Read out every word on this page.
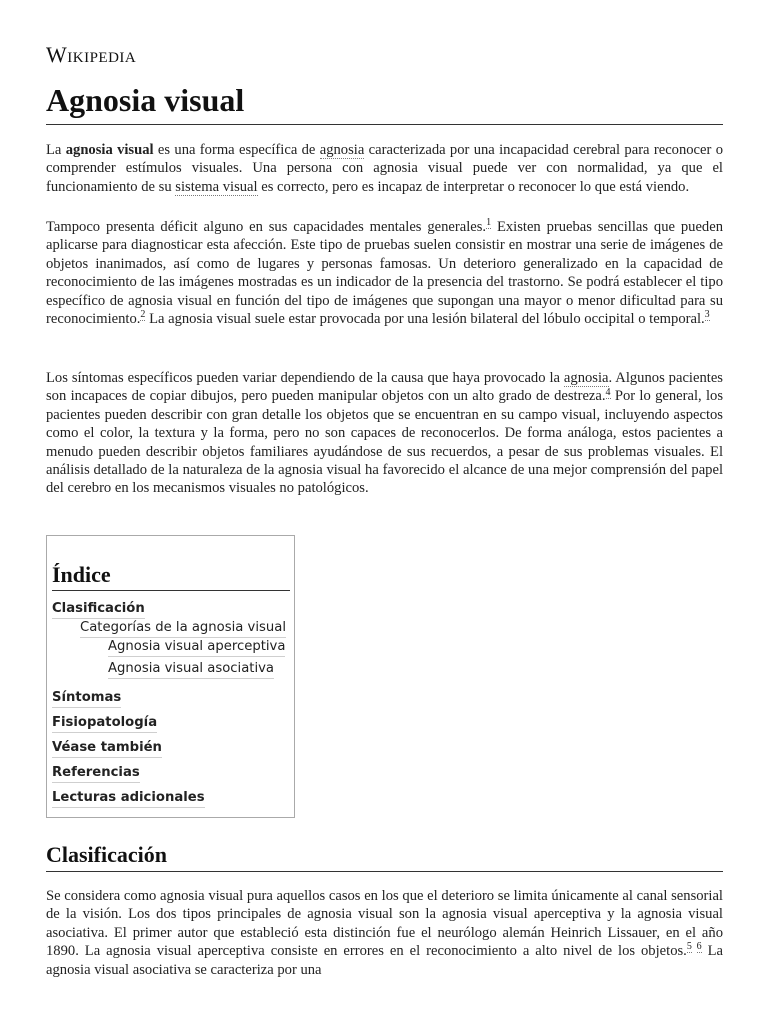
Wikipedia
Agnosia visual

La agnosia visual es una forma específica de agnosia caracterizada por una incapacidad cerebral para reconocer o comprender estímulos visuales. Una persona con agnosia visual puede ver con normalidad, ya que el funcionamiento de su sistema visual es correcto, pero es incapaz de interpretar o reconocer lo que está viendo.

Tampoco presenta déficit alguno en sus capacidades mentales generales.$^1$ Existen pruebas sencillas que pueden aplicarse para diagnosticar esta afección. Este tipo de pruebas suelen consistir en mostrar una serie de imágenes de objetos inanimados, así como de lugares y personas famosas. Un deterioro generalizado en la capacidad de reconocimiento de las imágenes mostradas es un indicador de la presencia del trastorno. Se podrá establecer el tipo específico de agnosia visual en función del tipo de imágenes que supongan una mayor o menor dificultad para su reconocimiento.$^2$ La agnosia visual suele estar provocada por una lesión bilateral del lóbulo occipital o temporal.$^3$

Los síntomas específicos pueden variar dependiendo de la causa que haya provocado la agnosia. Algunos pacientes son incapaces de copiar dibujos, pero pueden manipular objetos con un alto grado de destreza.$^4$ Por lo general, los pacientes pueden describir con gran detalle los objetos que se encuentran en su campo visual, incluyendo aspectos como el color, la textura y la forma, pero no son capaces de reconocerlos. De forma análoga, estos pacientes a menudo pueden describir objetos familiares ayudándose de sus recuerdos, a pesar de sus problemas visuales. El análisis detallado de la naturaleza de la agnosia visual ha favorecido el alcance de una mejor comprensión del papel del cerebro en los mecanismos visuales no patológicos.

Índice
Clasificación
Categorías de la agnosia visual
Agnosia visual aperceptiva
Agnosia visual asociativa
Síntomas
Fisiopatología
Véase también
Referencias
Lecturas adicionales
Clasificación

Se considera como agnosia visual pura aquellos casos en los que el deterioro se limita únicamente al canal sensorial de la visión. Los dos tipos principales de agnosia visual son la agnosia visual aperceptiva y la agnosia visual asociativa. El primer autor que estableció esta distinción fue el neurólogo alemán Heinrich Lissauer, en el año 1890. La agnosia visual aperceptiva consiste en errores en el reconocimiento a alto nivel de los objetos.$^{5 6}$ La agnosia visual asociativa se caracteriza por una
